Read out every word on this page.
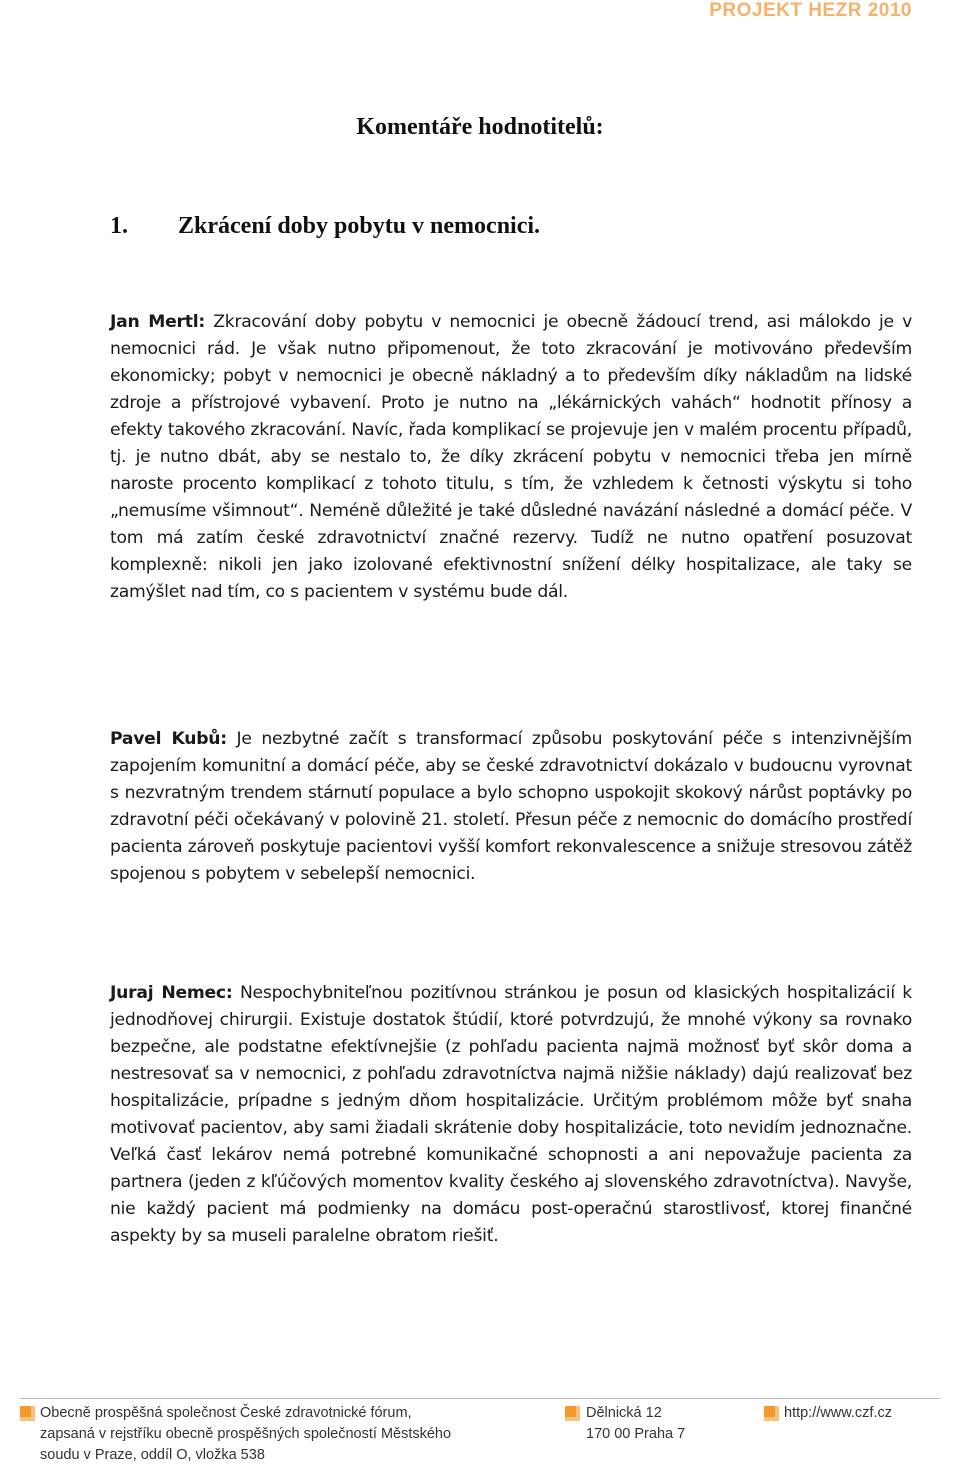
PROJEKT HEZR 2010
Komentáře hodnotitelů:
1. Zkrácení doby pobytu v nemocnici.

Jan Mertl: Zkracování doby pobytu v nemocnici je obecně žádoucí trend, asi málokdo je v nemocnici rád. Je však nutno připomenout, že toto zkracování je motivováno především ekonomicky; pobyt v nemocnici je obecně nákladný a to především díky nákladům na lidské zdroje a přístrojové vybavení. Proto je nutno na „lékárnických vahách“ hodnotit přínosy a efekty takového zkracování. Navíc, řada komplikací se projevuje jen v malém procentu případů, tj. je nutno dbát, aby se nestalo to, že díky zkrácení pobytu v nemocnici třeba jen mírně naroste procento komplikací z tohoto titulu, s tím, že vzhledem k četnosti výskytu si toho „nemusíme všimnout“. Neméně důležité je také důsledné navázání následné a domácí péče. V tom má zatím české zdravotnictví značné rezervy. Tudíž ne nutno opatření posuzovat komplexně: nikoli jen jako izolované efektivnostní snížení délky hospitalizace, ale taky se zamýšlet nad tím, co s pacientem v systému bude dál.

Pavel Kubů: Je nezbytné začít s transformací způsobu poskytování péče s intenzivnějším zapojením komunitní a domácí péče, aby se české zdravotnictví dokázalo v budoucnu vyrovnat s nezvratným trendem stárnutí populace a bylo schopno uspokojit skokový nárůst poptávky po zdravotní péči očekávaný v polovině 21. století. Přesun péče z nemocnic do domácího prostředí pacienta zároveň poskytuje pacientovi vyšší komfort rekonvalescence a snižuje stresovou zátěž spojenou s pobytem v sebelepší nemocnici.

Juraj Nemec: Nespochybniteľnou pozitívnou stránkou je posun od klasických hospitalizácií k jednodňovej chirurgii. Existuje dostatok štúdií, ktoré potvrdzujú, že mnohé výkony sa rovnako bezpečne, ale podstatne efektívnejšie (z pohľadu pacienta najmä možnosť byť skôr doma a nestresovať sa v nemocnici, z pohľadu zdravotníctva najmä nižšie náklady) dajú realizovať bez hospitalizácie, prípadne s jedným dňom hospitalizácie. Určitým problémom môže byť snaha motivovať pacientov, aby sami žiadali skrátenie doby hospitalizácie, toto nevidím jednoznačne. Veľká časť lekárov nemá potrebné komunikačné schopnosti a ani nepovažuje pacienta za partnera (jeden z kľúčových momentov kvality českého aj slovenského zdravotníctva). Navyše, nie každý pacient má podmienky na domácu post-operačnú starostlivosť, ktorej finančné aspekty by sa museli paralelne obratom riešiť.

Obecně prospěšná společnost České zdravotnické fórum,
zapsaná v rejstříku obecně prospěšných společností Městského
soudu v Praze, oddíl O, vložka 538
Dělnická 12
170 00 Praha 7
http://www.czf.cz
